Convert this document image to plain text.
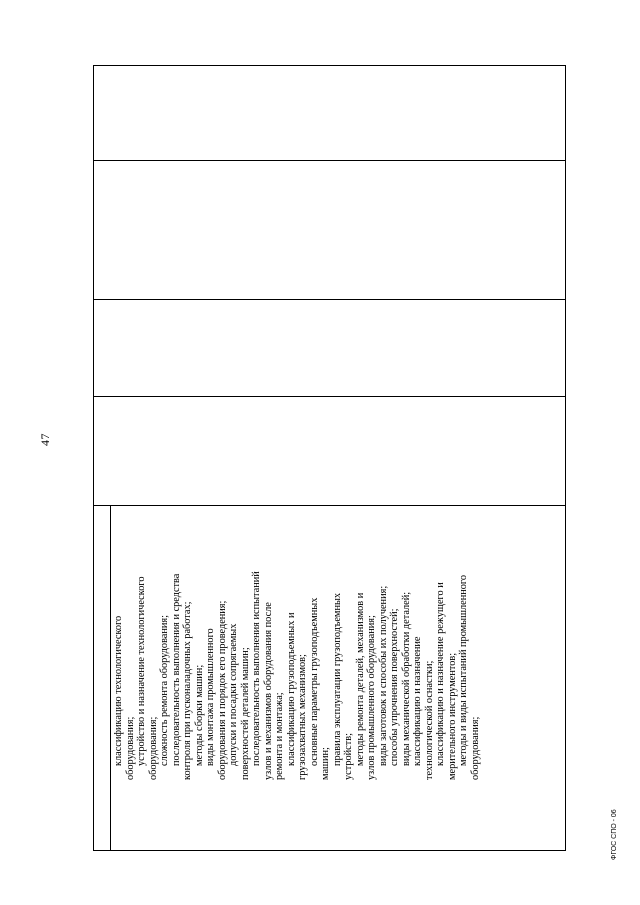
47

классификацию технологического оборудования; устройство и назначение технологического оборудования; сложность ремонта оборудования; последовательность выполнения и средства контроля при пусконаладочных работах; методы сборки машин; виды монтажа промышленного оборудования и порядок его проведения; допуски и посадки сопрягаемых поверхностей деталей машин; последовательность выполнения испытаний узлов и механизмов оборудования после ремонта и монтажа; классификацию грузоподъемных и грузозахватных механизмов; основные параметры грузоподъемных машин; правила эксплуатации грузоподъемных устройств; методы ремонта деталей, механизмов и узлов промышленного оборудования; виды заготовок и способы их получения; способы упрочнения поверхностей; виды механической обработки деталей; классификацию и назначение технологической оснастки; классификацию и назначение режущего и мерительного инструментов; методы и виды испытаний промышленного оборудования;

ФГОС СПО - 06
